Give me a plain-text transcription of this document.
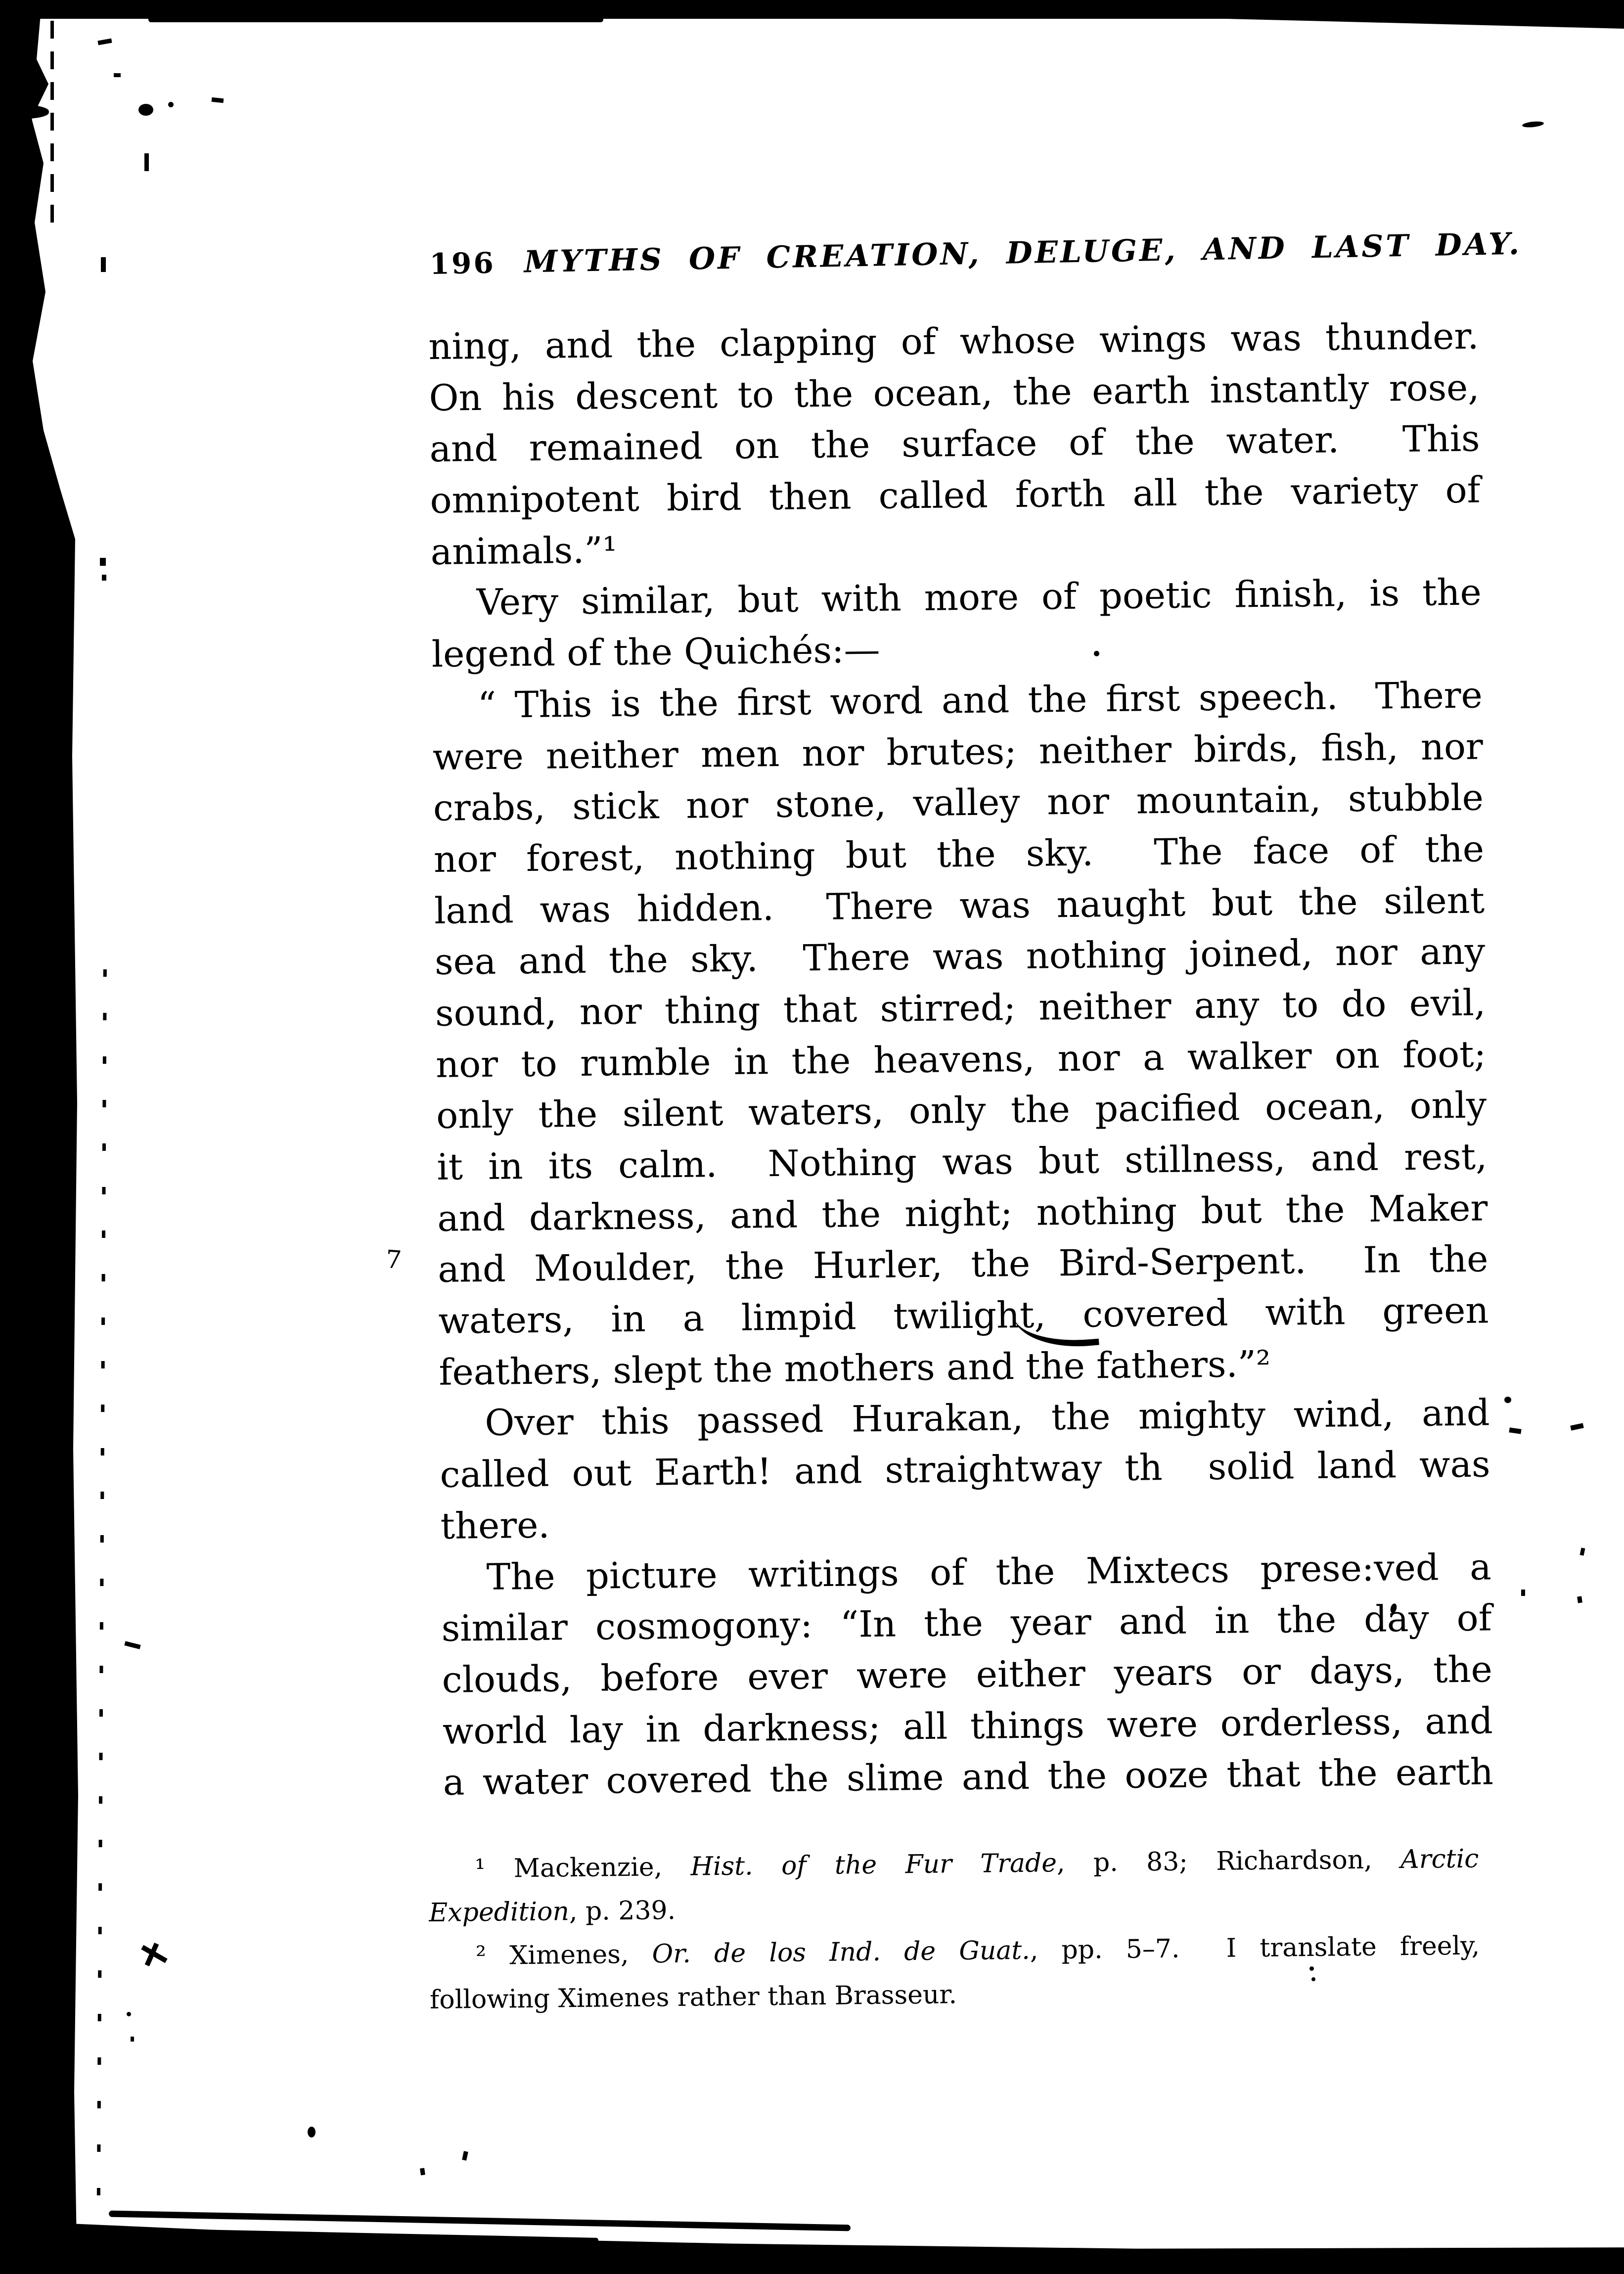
7
196 MYTHS OF CREATION, DELUGE, AND LAST DAY.
ning, and the clapping of whose wings was thunder.
On his descent to the ocean, the earth instantly rose,
and remained on the surface of the water.  This
omnipotent bird then called forth all the variety of
animals.”¹
Very similar, but with more of poetic finish, is the
legend of the Quichés:—
“ This is the first word and the first speech.  There
were neither men nor brutes; neither birds, fish, nor
crabs, stick nor stone, valley nor mountain, stubble
nor forest, nothing but the sky.  The face of the
land was hidden.  There was naught but the silent
sea and the sky.  There was nothing joined, nor any
sound, nor thing that stirred; neither any to do evil,
nor to rumble in the heavens, nor a walker on foot;
only the silent waters, only the pacified ocean, only
it in its calm.  Nothing was but stillness, and rest,
and darkness, and the night; nothing but the Maker
and Moulder, the Hurler, the Bird-Serpent.  In the
waters, in a limpid twilight, covered with green
feathers, slept the mothers and the fathers.”²
Over this passed Hurakan, the mighty wind, and
called out Earth! and straightway th  solid land was
there.
The picture writings of the Mixtecs prese:ved a
similar cosmogony: “In the year and in the day of
clouds, before ever were either years or days, the
world lay in darkness; all things were orderless, and
a water covered the slime and the ooze that the earth
¹ Mackenzie, Hist. of the Fur Trade, p. 83; Richardson, Arctic
Expedition, p. 239.
² Ximenes, Or. de los Ind. de Guat., pp. 5–7.  I translate freely,
following Ximenes rather than Brasseur.
